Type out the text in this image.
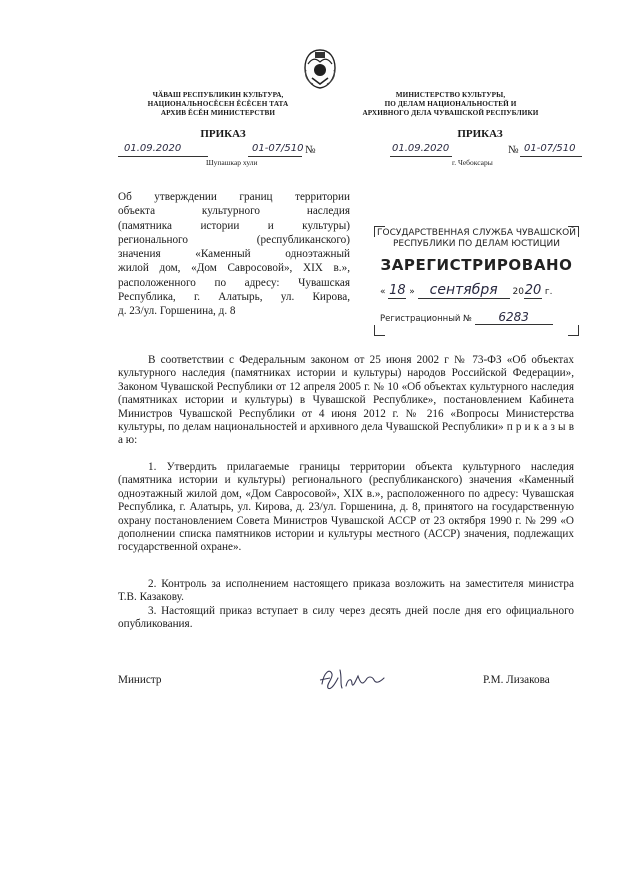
ЧӐВАШ РЕСПУБЛИКИН КУЛЬТУРА,
НАЦИОНАЛЬНОСĔСЕН ĔСĔСЕН ТАТА
АРХИВ ĔСĔН МИНИСТЕРСТВИ
МИНИСТЕРСТВО КУЛЬТУРЫ,
ПО ДЕЛАМ НАЦИОНАЛЬНОСТЕЙ И
АРХИВНОГО ДЕЛА ЧУВАШСКОЙ РЕСПУБЛИКИ
ПРИКАЗ
01.09.2020	01-07/510 №
Шупашкар хули
ПРИКАЗ
01.09.2020	№ 01-07/510
г. Чебоксары
Об утверждении границ территории
объекта культурного наследия
(памятника истории и культуры)
регионального (республиканского)
значения «Каменный одноэтажный
жилой дом, «Дом Савросовой», XIX в.»,
расположенного по адресу: Чувашская
Республика, г. Алатырь, ул. Кирова,
д. 23/ул. Горшенина, д. 8
ГОСУДАРСТВЕННАЯ СЛУЖБА ЧУВАШСКОЙ
РЕСПУБЛИКИ ПО ДЕЛАМ ЮСТИЦИИ
ЗАРЕГИСТРИРОВАНО
« 18 » сентября 2020 г.
Регистрационный № 6283

В соответствии с Федеральным законом от 25 июня 2002 г № 73-ФЗ «Об объектах культурного наследия (памятниках истории и культуры) народов Российской Федерации», Законом Чувашской Республики от 12 апреля 2005 г. № 10 «Об объектах культурного наследия (памятниках истории и культуры) в Чувашской Республике», постановлением Кабинета Министров Чувашской Республики от 4 июня 2012 г. № 216 «Вопросы Министерства культуры, по делам национальностей и архивного дела Чувашской Республики» п р и к а з ы в а ю:

1. Утвердить прилагаемые границы территории объекта культурного наследия (памятника истории и культуры) регионального (республиканского) значения «Каменный одноэтажный жилой дом, «Дом Савросовой», XIX в.», расположенного по адресу: Чувашская Республика, г. Алатырь, ул. Кирова, д. 23/ул. Горшенина, д. 8, принятого на государственную охрану постановлением Совета Министров Чувашской АССР от 23 октября 1990 г. № 299 «О дополнении списка памятников истории и культуры местного (АССР) значения, подлежащих государственной охране».

2. Контроль за исполнением настоящего приказа возложить на заместителя министра Т.В. Казакову.

3. Настоящий приказ вступает в силу через десять дней после дня его официального опубликования.

Министр	Р.М. Лизакова
